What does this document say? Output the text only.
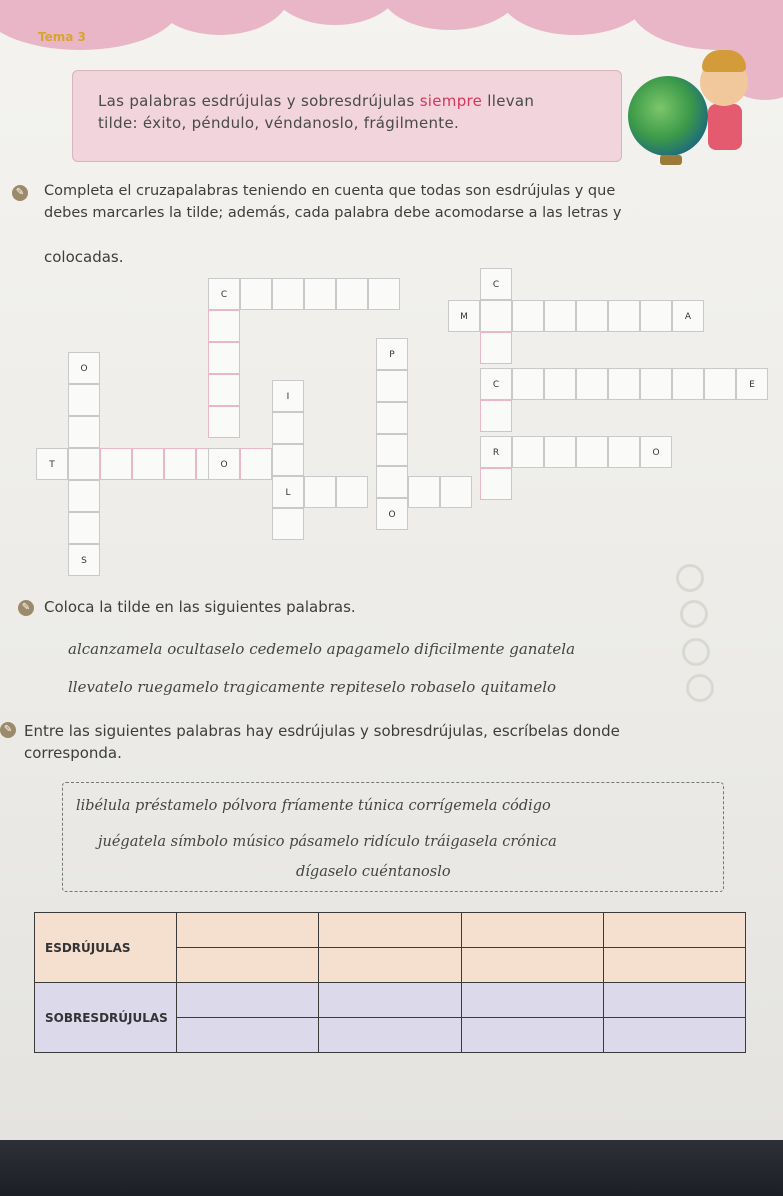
Tema 3
Las palabras esdrújulas y sobresdrújulas siempre llevan
tilde: éxito, péndulo, véndanoslo, frágilmente.
✎ Completa el cruzapalabras teniendo en cuenta que todas son esdrújulas y que
debes marcarles la tilde; además, cada palabra debe acomodarse a las letras y
colocadas.
C
C
M	A
C	E
R	O
P
O
I
L
O
S
T	O
✎ Coloca la tilde en las siguientes palabras.
alcanzamela ocultaselo cedemelo apagamelo dificilmente ganatela
llevatelo ruegamelo tragicamente repiteselo robaselo quitamelo
✎ Entre las siguientes palabras hay esdrújulas y sobresdrújulas, escríbelas donde
corresponda.
libélula préstamelo pólvora fríamente túnica corrígemela código
juégatela símbolo músico pásamelo ridículo tráigasela crónica
dígaselo cuéntanoslo
ESDRÚJULAS				

SOBRESDRÚJULAS				
